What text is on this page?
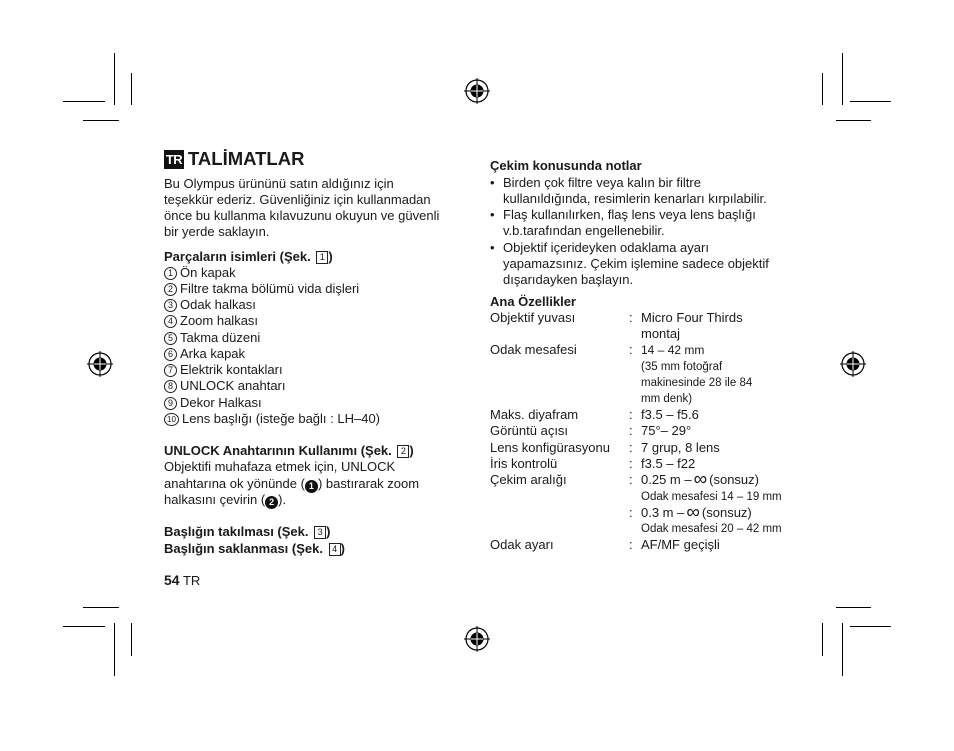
TR TALİMATLAR
Bu Olympus ürününü satın aldığınız için
teşekkür ederiz. Güvenliğiniz için kullanmadan
önce bu kullanma kılavuzunu okuyun ve güvenli
bir yerde saklayın.
Parçaların isimleri (Şek. 1 )
1 Ön kapak
2 Filtre takma bölümü vida dişleri
3 Odak halkası
4 Zoom halkası
5 Takma düzeni
6 Arka kapak
7 Elektrik kontakları
8 UNLOCK anahtarı
9 Dekor Halkası
10 Lens başlığı (isteğe bağlı : LH–40)
UNLOCK Anahtarının Kullanımı (Şek. 2 )
Objektifi muhafaza etmek için, UNLOCK
anahtarına ok yönünde ( 1 ) bastırarak zoom
halkasını çevirin ( 2 ).
Başlığın takılması (Şek. 3 )
Başlığın saklanması (Şek. 4 )
54 TR
Çekim konusunda notlar
• Birden çok filtre veya kalın bir filtre
kullanıldığında, resimlerin kenarları kırpılabilir.
• Flaş kullanılırken, flaş lens veya lens başlığı
v.b.tarafından engellenebilir.
• Objektif içerideyken odaklama ayarı
yapamazsınız. Çekim işlemine sadece objektif
dışarıdayken başlayın.
Ana Özellikler
Objektif yuvası	: Micro Four Thirds
montaj
Odak mesafesi	: 14 – 42 mm
(35 mm fotoğraf
makinesinde 28 ile 84
mm denk)
Maks. diyafram	: f3.5 – f5.6
Görüntü açısı	: 75°– 29°
Lens konfigürasyonu : 7 grup, 8 lens
İris kontrolü	: f3.5 – f22
Çekim aralığı	: 0.25 m – ∞ (sonsuz)
Odak mesafesi 14 – 19 mm
: 0.3 m – ∞ (sonsuz)
Odak mesafesi 20 – 42 mm
Odak ayarı	: AF/MF geçişli
